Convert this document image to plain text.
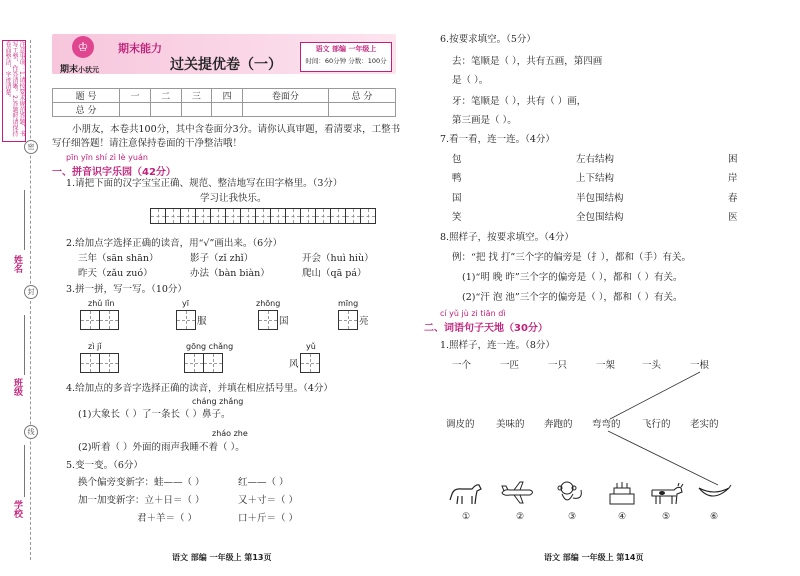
注意事项：1.请按要求规范答题，书写工整，作答清晰。2.答题时请保持卷面整洁，字迹清楚。
密
封
线
姓名
班级
学校
♔
期末小状元
期末能力
过关提优卷（一）
语文 部编 一年级上
时间：60分钟 分数：100分
题 号	一	二	三	四	卷面分	总 分
总 分						
小朋友，本卷共100分，其中含卷面分3分。请你认真审题，看清要求，工整书
写仔细答题！请注意保持卷面的干净整洁哦！
pīn yīn shí zì lè yuán
一、拼音识字乐园（42分）
1.请把下面的汉字宝宝正确、规范、整洁地写在田字格里。（3分）
学习让我快乐。
2.给加点字选择正确的读音，用“√”画出来。（6分）
三年（sān shān）	影子（zǐ zhǐ）	开会（huì hiù）
昨天（zǎu zuó）	办法（bàn biàn）	爬山（qā pá）
3.拼一拼，写一写。（10分）
zhǔ lǐn	yī
服
zhōng
国
mīng
亮
zì jǐ	gōng chǎng	yǔ
风
4.给加点的多音字选择正确的读音，并填在相应括号里。（4分）
cháng zhǎng
(1)大象长（ ）了一条长（ ）鼻子。
zháo zhe
(2)听着（ ）外面的雨声我睡不着（ ）。
5.变一变。（6分）
换个偏旁变新字：蛙——（ ）	红——（ ）
加一加变新字：立＋日＝（ ）	又＋寸＝（ ）
君＋羊＝（ ）	口＋斤＝（ ）
语文 部编 一年级上 第13页
6.按要求填空。（5分）
去：笔顺是（ ），共有五画，第四画
是（ ）。
牙：笔顺是（ ），共有（ ）画，
第三画是（ ）。
7.看一看，连一连。（4分）
包
鸭
国
笑
左右结构
上下结构
半包围结构
全包围结构
困
岸
春
医
8.照样子，按要求填空。（4分）
例：“把 找 打”三个字的偏旁是（扌），都和（手）有关。
(1)“明 晚 昨”三个字的偏旁是（ ），都和（ ）有关。
(2)“汗 泡 池”三个字的偏旁是（ ），都和（ ）有关。
cí yǔ jù zi tiān dì
二、词语句子天地（30分）
1.照样子，连一连。（8分）
一个	一匹	一只	一架	一头	一根
调皮的 美味的 奔跑的 弯弯的 飞行的 老实的
①	②	③	④	⑤	⑥
语文 部编 一年级上 第14页
